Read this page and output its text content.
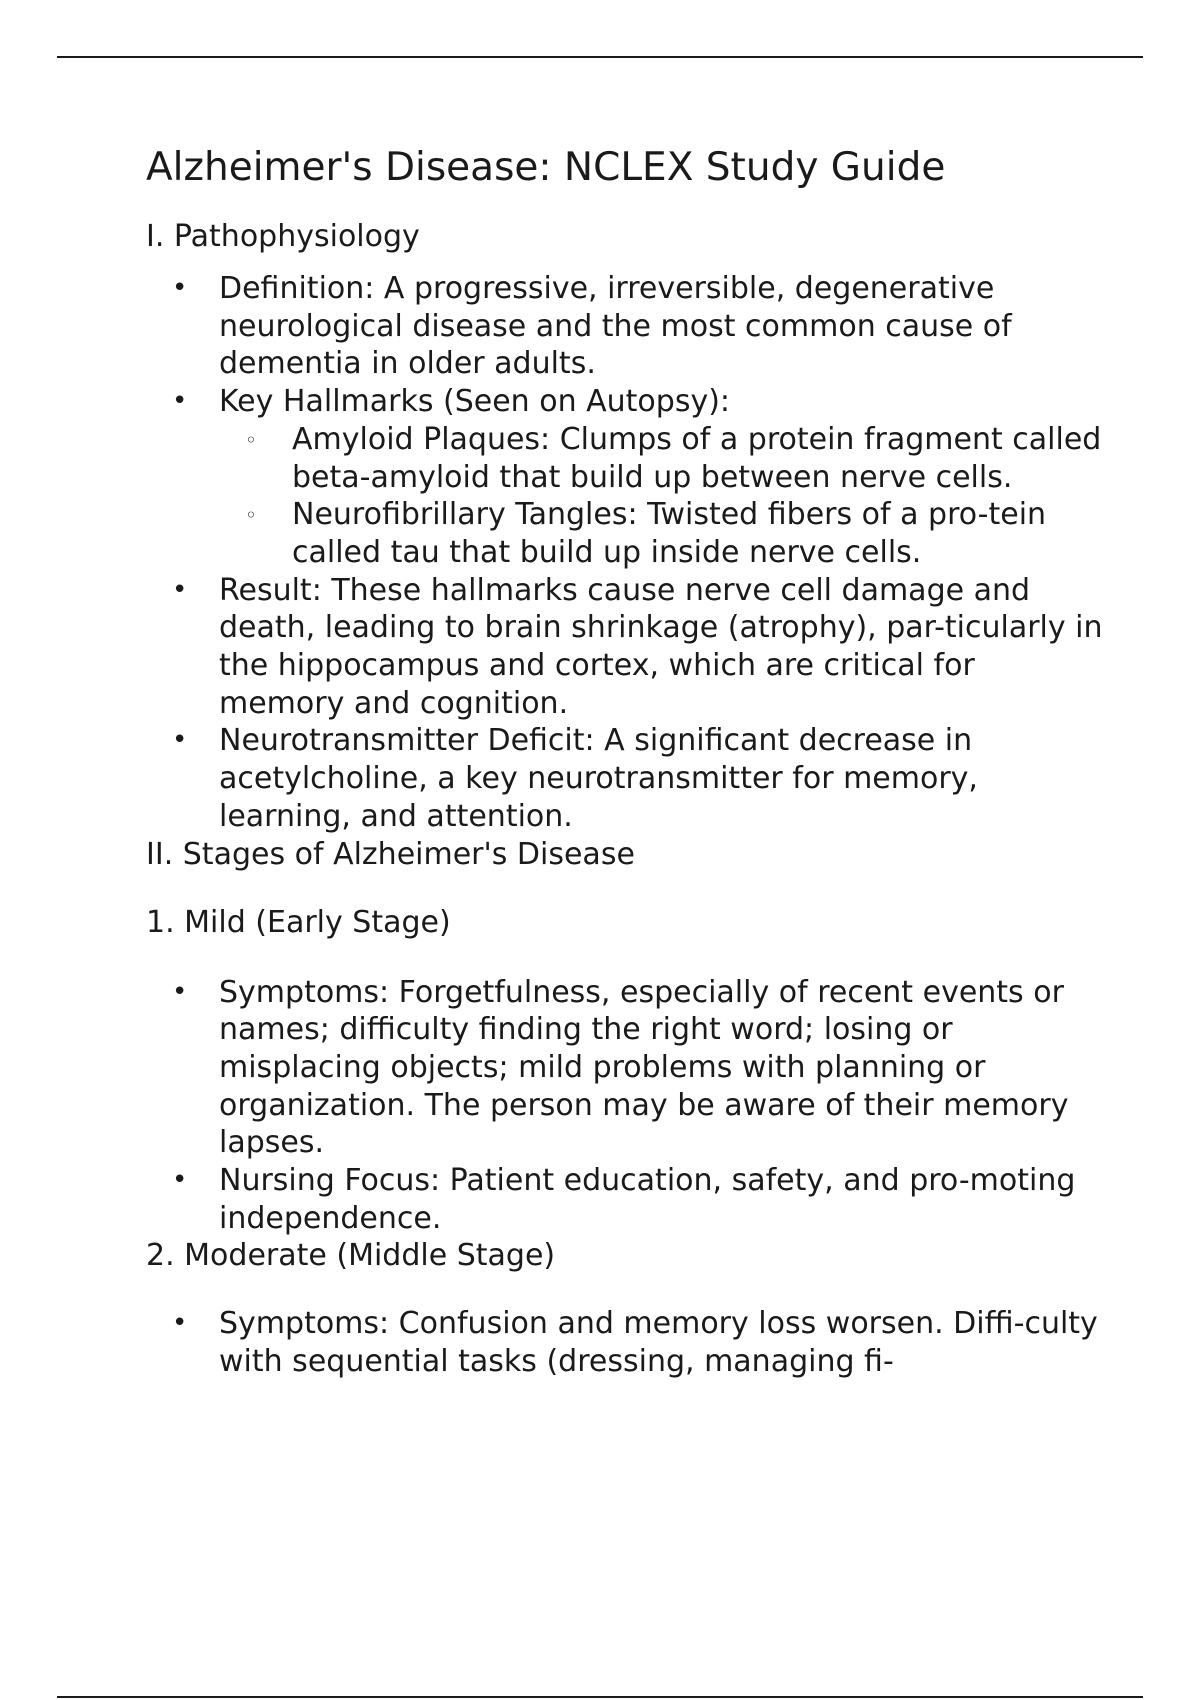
Alzheimer's Disease: NCLEX Study Guide
I. Pathophysiology
• Definition: A progressive, irreversible, degenerative neurological disease and the most common cause of dementia in older adults.
• Key Hallmarks (Seen on Autopsy):
◦ Amyloid Plaques: Clumps of a protein fragment called beta-amyloid that build up between nerve cells.
◦ Neurofibrillary Tangles: Twisted fibers of a pro-tein called tau that build up inside nerve cells.
• Result: These hallmarks cause nerve cell damage and death, leading to brain shrinkage (atrophy), par-ticularly in the hippocampus and cortex, which are critical for memory and cognition.
• Neurotransmitter Deficit: A significant decrease in acetylcholine, a key neurotransmitter for memory, learning, and attention.
II. Stages of Alzheimer's Disease
1. Mild (Early Stage)
• Symptoms: Forgetfulness, especially of recent events or names; difficulty finding the right word; losing or misplacing objects; mild problems with planning or organization. The person may be aware of their memory lapses.
• Nursing Focus: Patient education, safety, and pro-moting independence.
2. Moderate (Middle Stage)
• Symptoms: Confusion and memory loss worsen. Diffi-culty with sequential tasks (dressing, managing fi-
